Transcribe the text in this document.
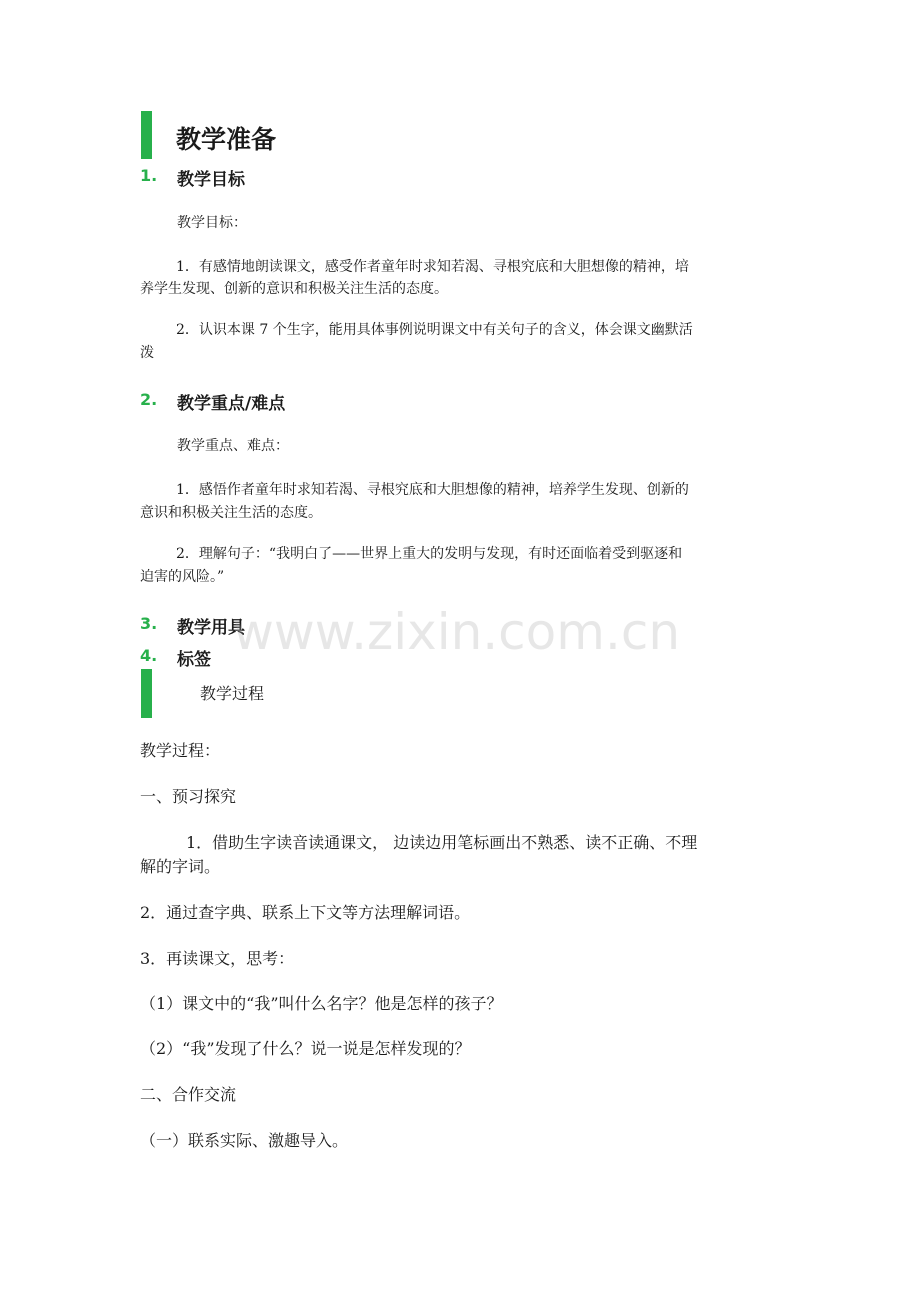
教学准备
1. 教学目标
教学目标：
1．有感情地朗读课文，感受作者童年时求知若渴、寻根究底和大胆想像的精神，培
养学生发现、创新的意识和积极关注生活的态度。
2．认识本课 7 个生字，能用具体事例说明课文中有关句子的含义，体会课文幽默活
泼
2. 教学重点/难点
教学重点、难点：
1．感悟作者童年时求知若渴、寻根究底和大胆想像的精神，培养学生发现、创新的
意识和积极关注生活的态度。
2．理解句子：“我明白了——世界上重大的发明与发现，有时还面临着受到驱逐和
迫害的风险。”
3. 教学用具
4. 标签 www.zixin.com.cn
教学过程
教学过程：
一、预习探究
1．借助生字读音读通课文， 边读边用笔标画出不熟悉、读不正确、不理
解的字词。
2．通过查字典、联系上下文等方法理解词语。
3．再读课文，思考：
（1）课文中的“我”叫什么名字？他是怎样的孩子？
（2）“我”发现了什么？说一说是怎样发现的？
二、合作交流
（一）联系实际、激趣导入。
